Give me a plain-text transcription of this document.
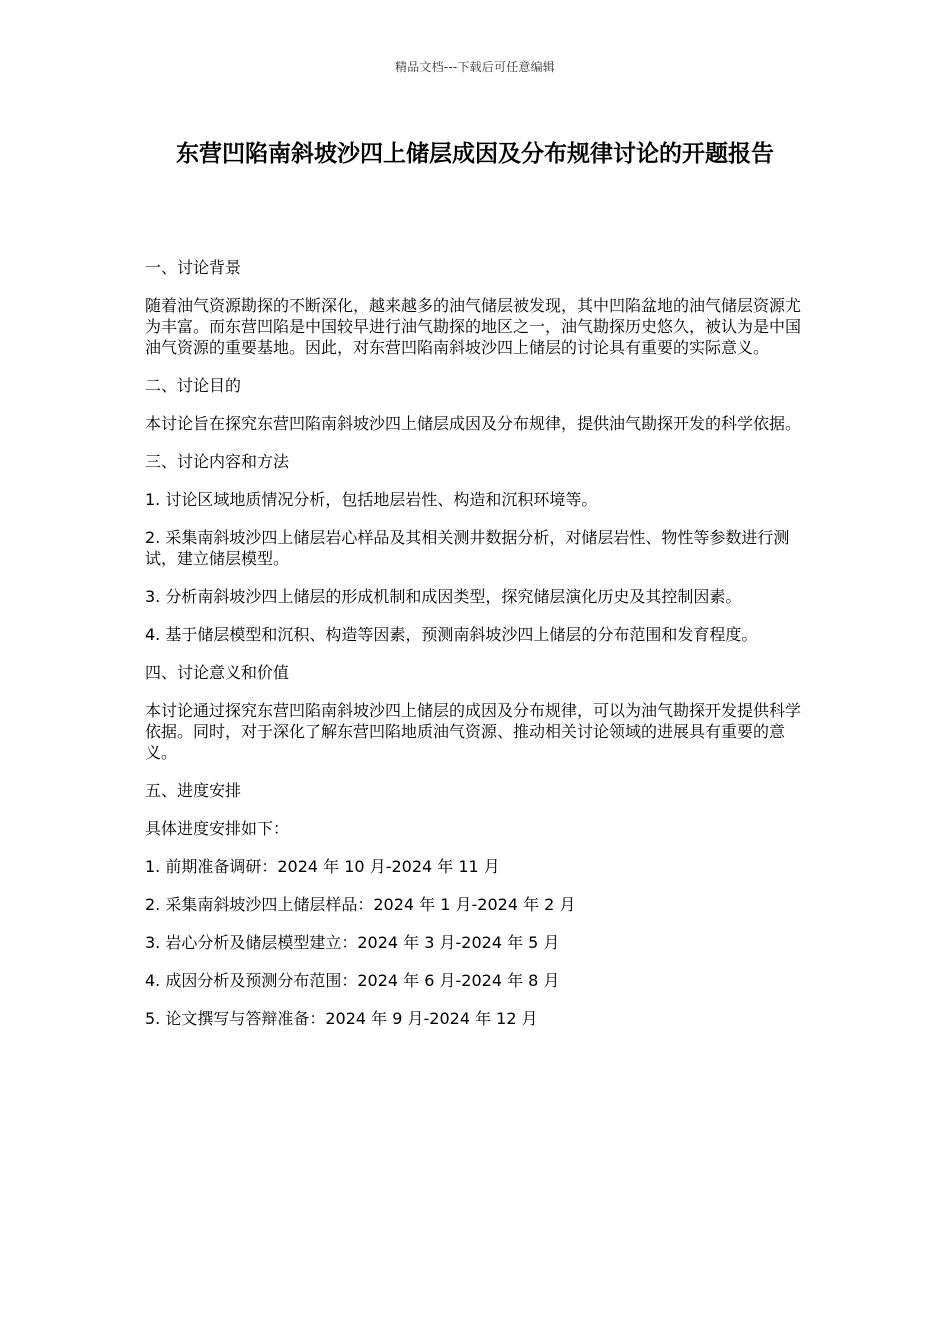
精品文档---下载后可任意编辑
东营凹陷南斜坡沙四上储层成因及分布规律讨论的开题报告

一、讨论背景

随着油气资源勘探的不断深化，越来越多的油气储层被发现，其中凹陷盆地的油气储层资源尤为丰富。而东营凹陷是中国较早进行油气勘探的地区之一，油气勘探历史悠久，被认为是中国油气资源的重要基地。因此，对东营凹陷南斜坡沙四上储层的讨论具有重要的实际意义。

二、讨论目的

本讨论旨在探究东营凹陷南斜坡沙四上储层成因及分布规律，提供油气勘探开发的科学依据。

三、讨论内容和方法

1. 讨论区域地质情况分析，包括地层岩性、构造和沉积环境等。

2. 采集南斜坡沙四上储层岩心样品及其相关测井数据分析，对储层岩性、物性等参数进行测试，建立储层模型。

3. 分析南斜坡沙四上储层的形成机制和成因类型，探究储层演化历史及其控制因素。

4. 基于储层模型和沉积、构造等因素，预测南斜坡沙四上储层的分布范围和发育程度。

四、讨论意义和价值

本讨论通过探究东营凹陷南斜坡沙四上储层的成因及分布规律，可以为油气勘探开发提供科学依据。同时，对于深化了解东营凹陷地质油气资源、推动相关讨论领域的进展具有重要的意义。

五、进度安排

具体进度安排如下：

1. 前期准备调研：2024 年 10 月-2024 年 11 月

2. 采集南斜坡沙四上储层样品：2024 年 1 月-2024 年 2 月

3. 岩心分析及储层模型建立：2024 年 3 月-2024 年 5 月

4. 成因分析及预测分布范围：2024 年 6 月-2024 年 8 月

5. 论文撰写与答辩准备：2024 年 9 月-2024 年 12 月
